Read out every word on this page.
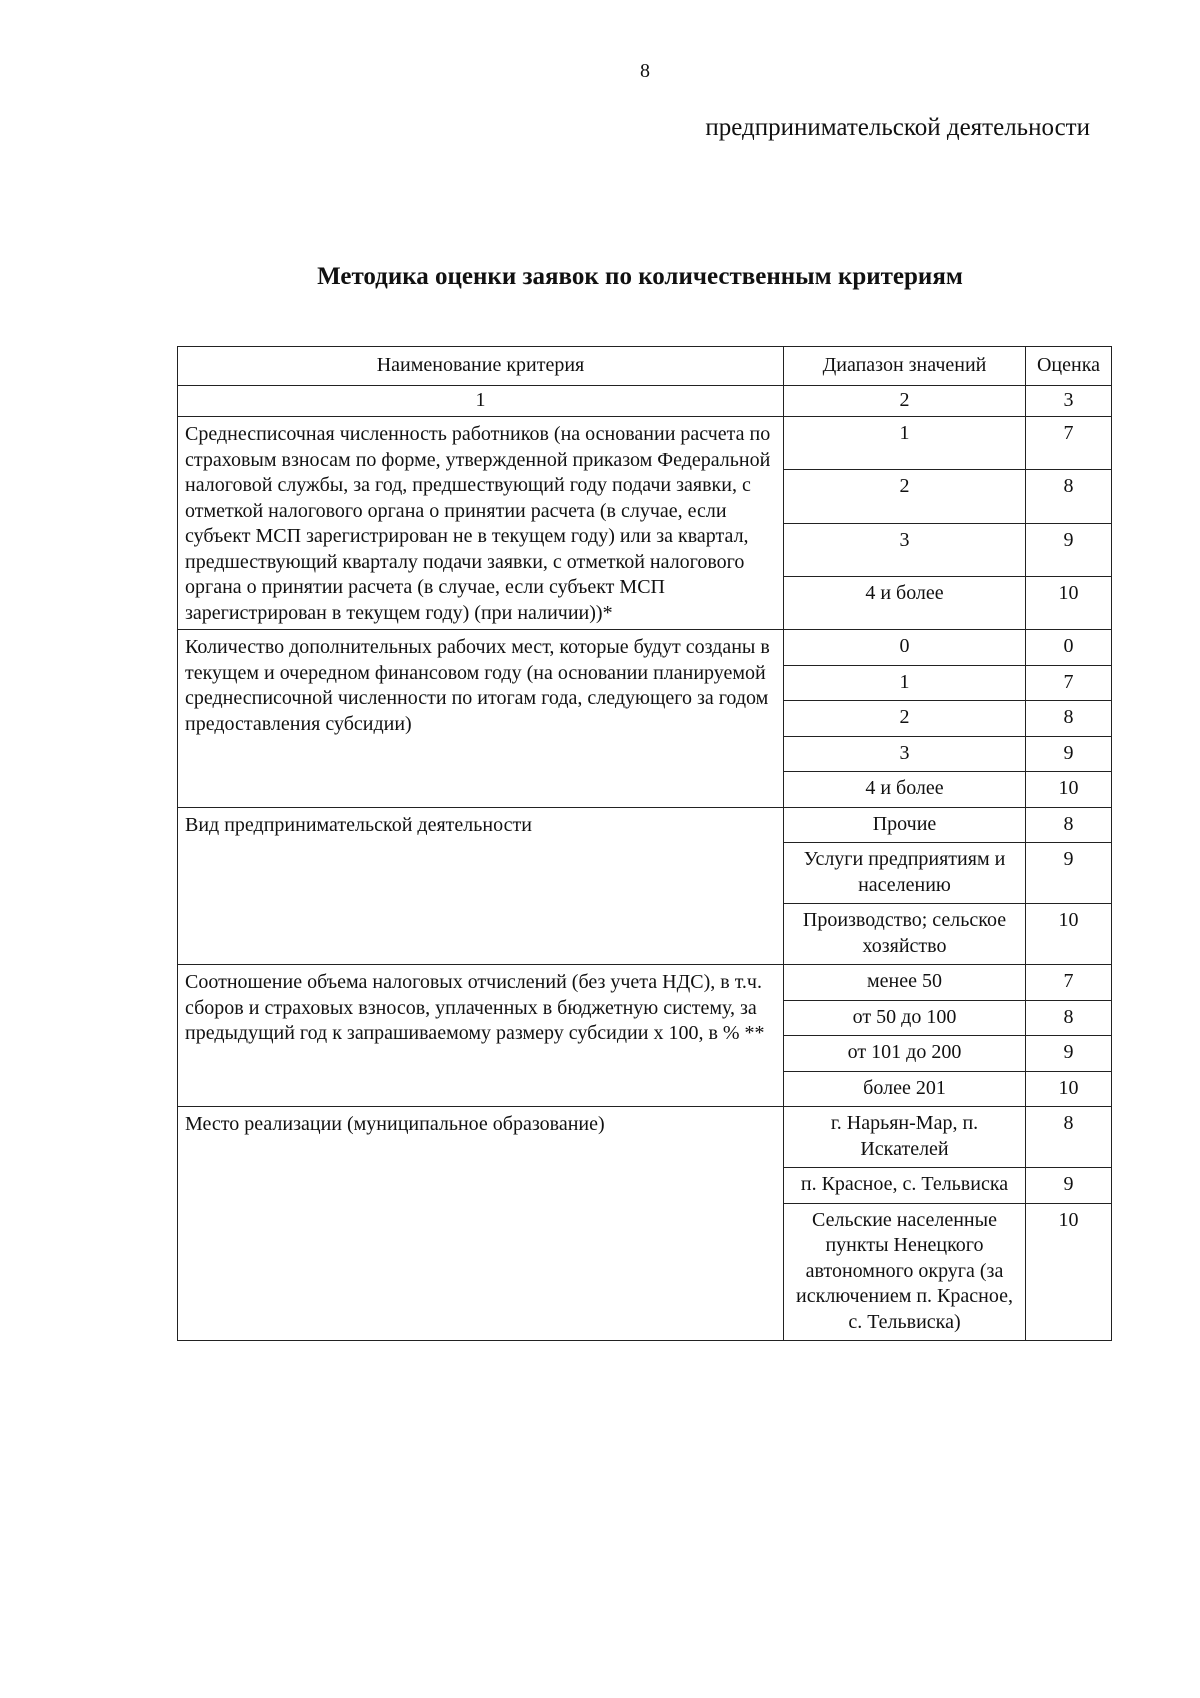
8
предпринимательской деятельности
Методика оценки заявок по количественным критериям
Наименование критерия	Диапазон значений	Оценка
1	2	3
Среднесписочная численность работников (на основании расчета по страховым взносам по форме, утвержденной приказом Федеральной налоговой службы, за год, предшествующий году подачи заявки, с отметкой налогового органа о принятии расчета (в случае, если субъект МСП зарегистрирован не в текущем году) или за квартал, предшествующий кварталу подачи заявки, с отметкой налогового органа о принятии расчета (в случае, если субъект МСП зарегистрирован в текущем году) (при наличии))*	1	7
	2	8
	3	9
	4 и более	10
Количество дополнительных рабочих мест, которые будут созданы в текущем и очередном финансовом году (на основании планируемой среднесписочной численности по итогам года, следующего за годом предоставления субсидии)	0	0
	1	7
	2	8
	3	9
	4 и более	10
Вид предпринимательской деятельности	Прочие	8
	Услуги предприятиям и населению	9
	Производство; сельское хозяйство	10
Соотношение объема налоговых отчислений (без учета НДС), в т.ч. сборов и страховых взносов, уплаченных в бюджетную систему, за предыдущий год к запрашиваемому размеру субсидии х 100, в % **	менее 50	7
	от 50 до 100	8
	от 101 до 200	9
	более 201	10
Место реализации (муниципальное образование)	г. Нарьян-Мар, п. Искателей	8
	п. Красное, с. Тельвиска	9
	Сельские населенные пункты Ненецкого автономного округа (за исключением п. Красное, с. Тельвиска)	10
